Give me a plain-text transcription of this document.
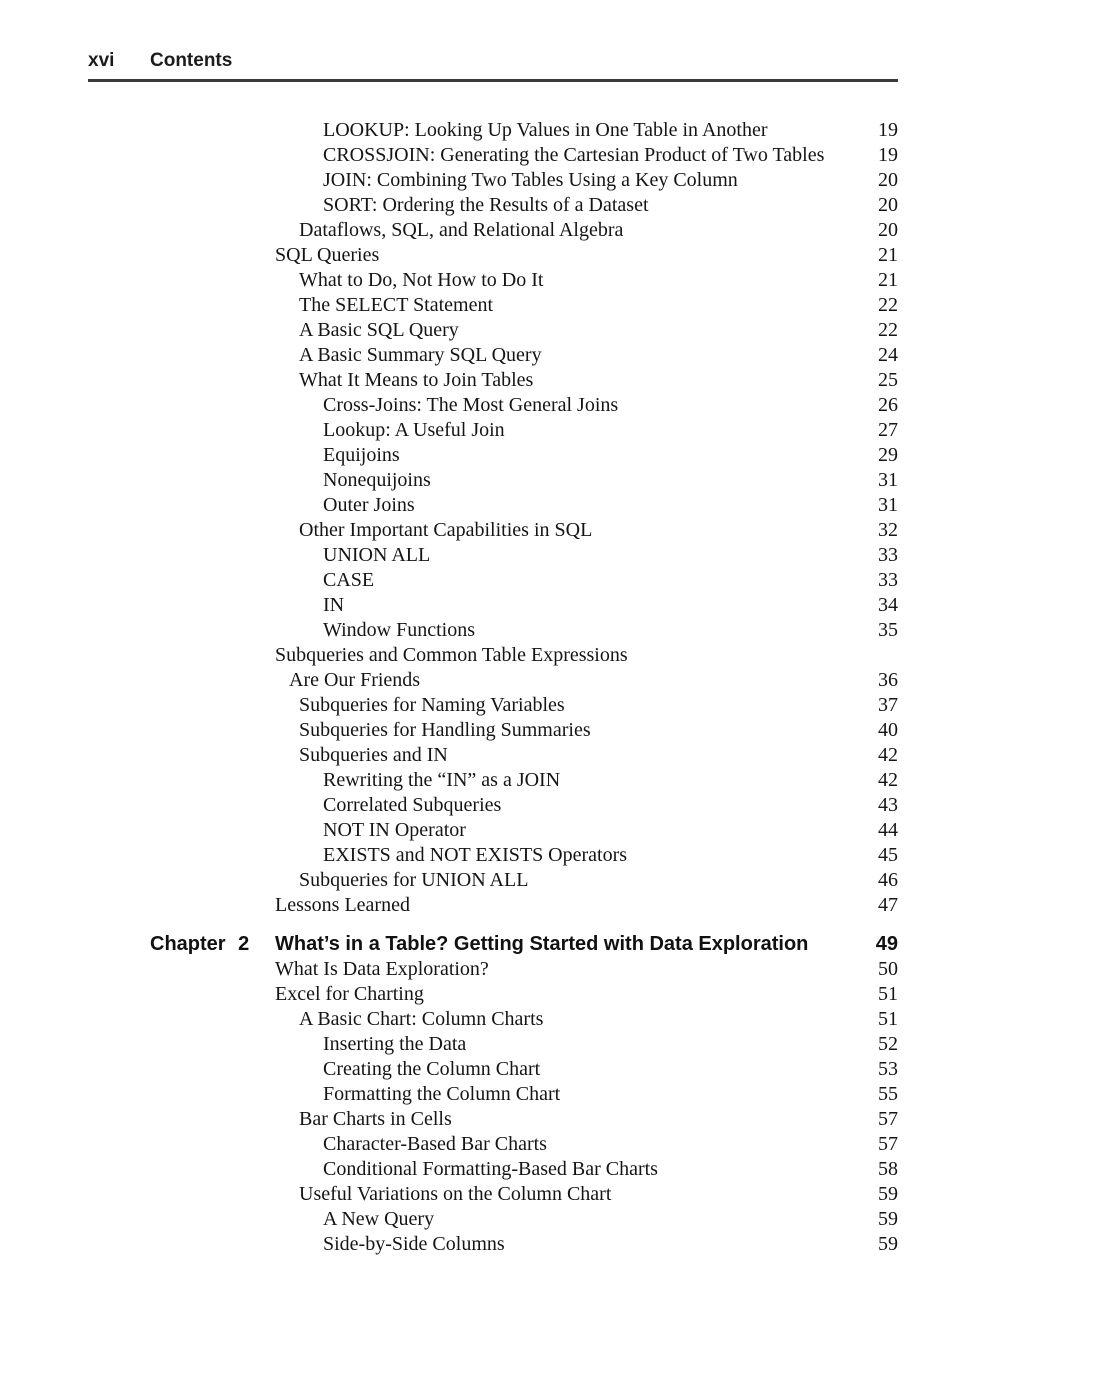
xvi	Contents
LOOKUP: Looking Up Values in One Table in Another	19
CROSSJOIN: Generating the Cartesian Product of Two Tables	19
JOIN: Combining Two Tables Using a Key Column	20
SORT: Ordering the Results of a Dataset	20
Dataflows, SQL, and Relational Algebra	20
SQL Queries	21
What to Do, Not How to Do It	21
The SELECT Statement	22
A Basic SQL Query	22
A Basic Summary SQL Query	24
What It Means to Join Tables	25
Cross-Joins: The Most General Joins	26
Lookup: A Useful Join	27
Equijoins	29
Nonequijoins	31
Outer Joins	31
Other Important Capabilities in SQL	32
UNION ALL	33
CASE	33
IN	34
Window Functions	35
Subqueries and Common Table Expressions
Are Our Friends	36
Subqueries for Naming Variables	37
Subqueries for Handling Summaries	40
Subqueries and IN	42
Rewriting the “IN” as a JOIN	42
Correlated Subqueries	43
NOT IN Operator	44
EXISTS and NOT EXISTS Operators	45
Subqueries for UNION ALL	46
Lessons Learned	47
Chapter 2	What’s in a Table? Getting Started with Data Exploration	49
What Is Data Exploration?	50
Excel for Charting	51
A Basic Chart: Column Charts	51
Inserting the Data	52
Creating the Column Chart	53
Formatting the Column Chart	55
Bar Charts in Cells	57
Character-Based Bar Charts	57
Conditional Formatting-Based Bar Charts	58
Useful Variations on the Column Chart	59
A New Query	59
Side-by-Side Columns	59
